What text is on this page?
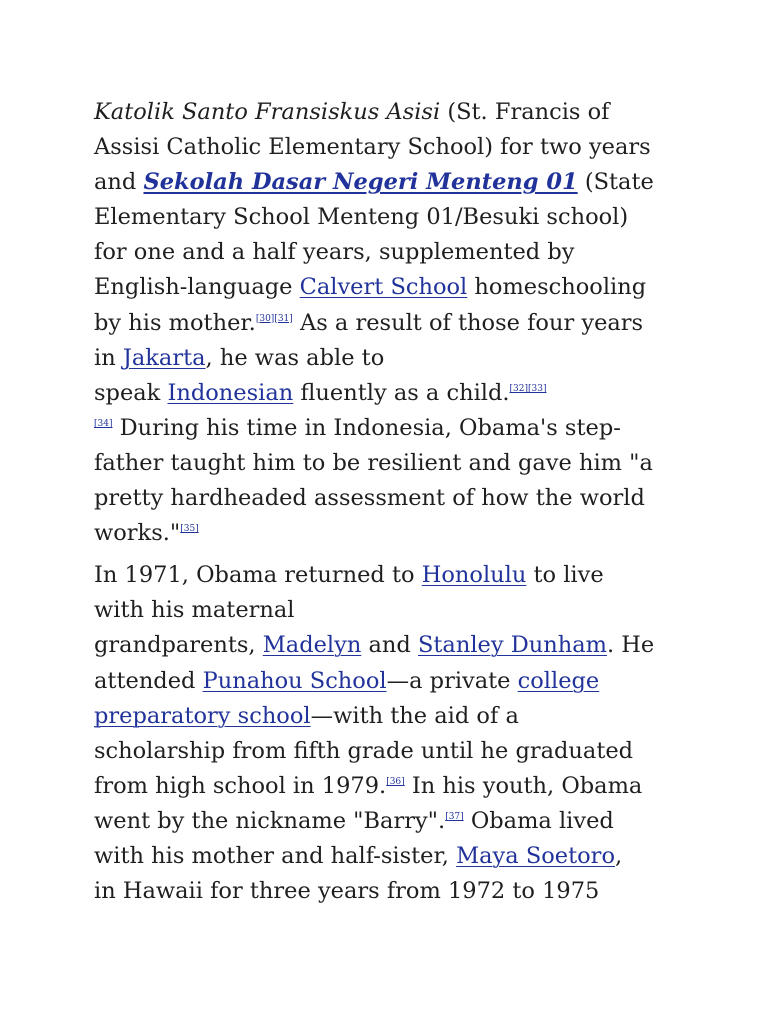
Katolik Santo Fransiskus Asisi (St. Francis of
Assisi Catholic Elementary School) for two years
and Sekolah Dasar Negeri Menteng 01 (State
Elementary School Menteng 01/Besuki school)
for one and a half years, supplemented by
English-language Calvert School homeschooling
by his mother.[30][31] As a result of those four years
in Jakarta, he was able to
speak Indonesian fluently as a child.[32][33]
[34] During his time in Indonesia, Obama's step-
father taught him to be resilient and gave him "a
pretty hardheaded assessment of how the world
works."[35]

In 1971, Obama returned to Honolulu to live
with his maternal
grandparents, Madelyn and Stanley Dunham. He
attended Punahou School—a private college
preparatory school—with the aid of a
scholarship from fifth grade until he graduated
from high school in 1979.[36] In his youth, Obama
went by the nickname "Barry".[37] Obama lived
with his mother and half-sister, Maya Soetoro,
in Hawaii for three years from 1972 to 1975
